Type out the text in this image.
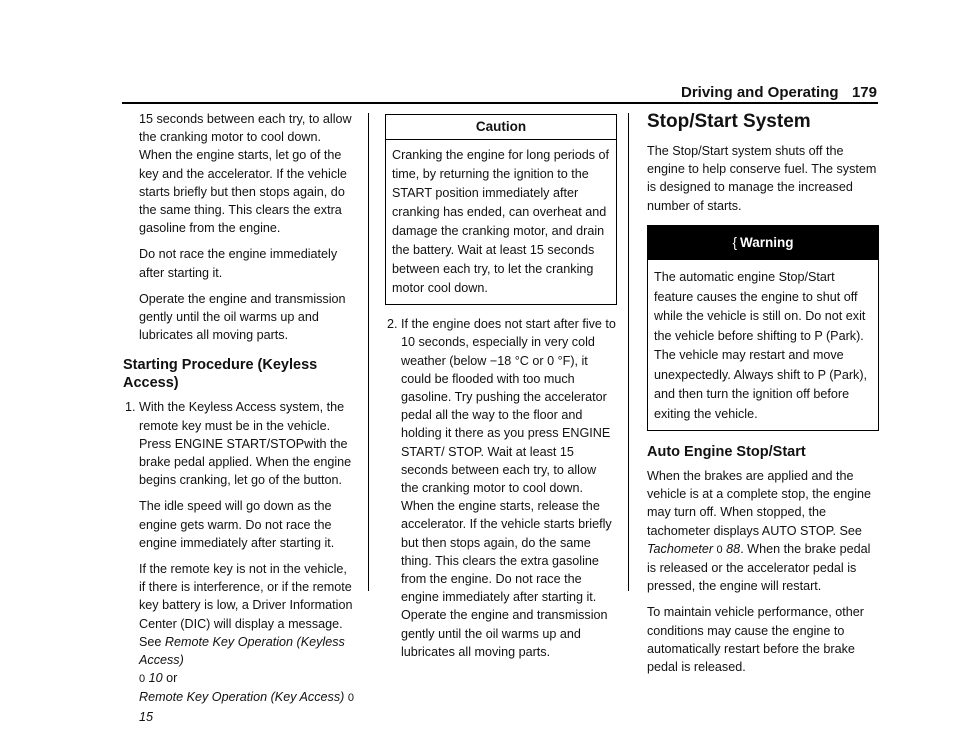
Driving and Operating 179

15 seconds between each try, to allow the cranking motor to cool down. When the engine starts, let go of the key and the accelerator. If the vehicle starts briefly but then stops again, do the same thing. This clears the extra gasoline from the engine.

Do not race the engine immediately after starting it.

Operate the engine and transmission gently until the oil warms up and lubricates all moving parts.

Starting Procedure (Keyless Access)
1. With the Keyless Access system, the remote key must be in the vehicle. Press ENGINE START/STOPwith the brake pedal applied. When the engine begins cranking, let go of the button.

The idle speed will go down as the engine gets warm. Do not race the engine immediately after starting it.

If the remote key is not in the vehicle, if there is interference, or if the remote key battery is low, a Driver Information Center (DIC) will display a message. See Remote Key Operation (Keyless Access)
0 10 or
Remote Key Operation (Key Access) 0 15

Caution
Cranking the engine for long periods of time, by returning the ignition to the START position immediately after cranking has ended, can overheat and damage the cranking motor, and drain the battery. Wait at least 15 seconds between each try, to let the cranking motor cool down.
2. If the engine does not start after five to 10 seconds, especially in very cold weather (below −18 °C or 0 °F), it could be flooded with too much gasoline. Try pushing the accelerator pedal all the way to the floor and holding it there as you press ENGINE START/ STOP. Wait at least 15 seconds between each try, to allow the cranking motor to cool down. When the engine starts, release the accelerator. If the vehicle starts briefly but then stops again, do the same thing. This clears the extra gasoline from the engine. Do not race the engine immediately after starting it. Operate the engine and transmission gently until the oil warms up and lubricates all moving parts.
Stop/Start System

The Stop/Start system shuts off the engine to help conserve fuel. The system is designed to manage the increased number of starts.

{ Warning
The automatic engine Stop/Start feature causes the engine to shut off while the vehicle is still on. Do not exit the vehicle before shifting to P (Park). The vehicle may restart and move unexpectedly. Always shift to P (Park), and then turn the ignition off before exiting the vehicle.
Auto Engine Stop/Start

When the brakes are applied and the vehicle is at a complete stop, the engine may turn off. When stopped, the tachometer displays AUTO STOP. See Tachometer 0 88. When the brake pedal is released or the accelerator pedal is pressed, the engine will restart.

To maintain vehicle performance, other conditions may cause the engine to automatically restart before the brake pedal is released.
